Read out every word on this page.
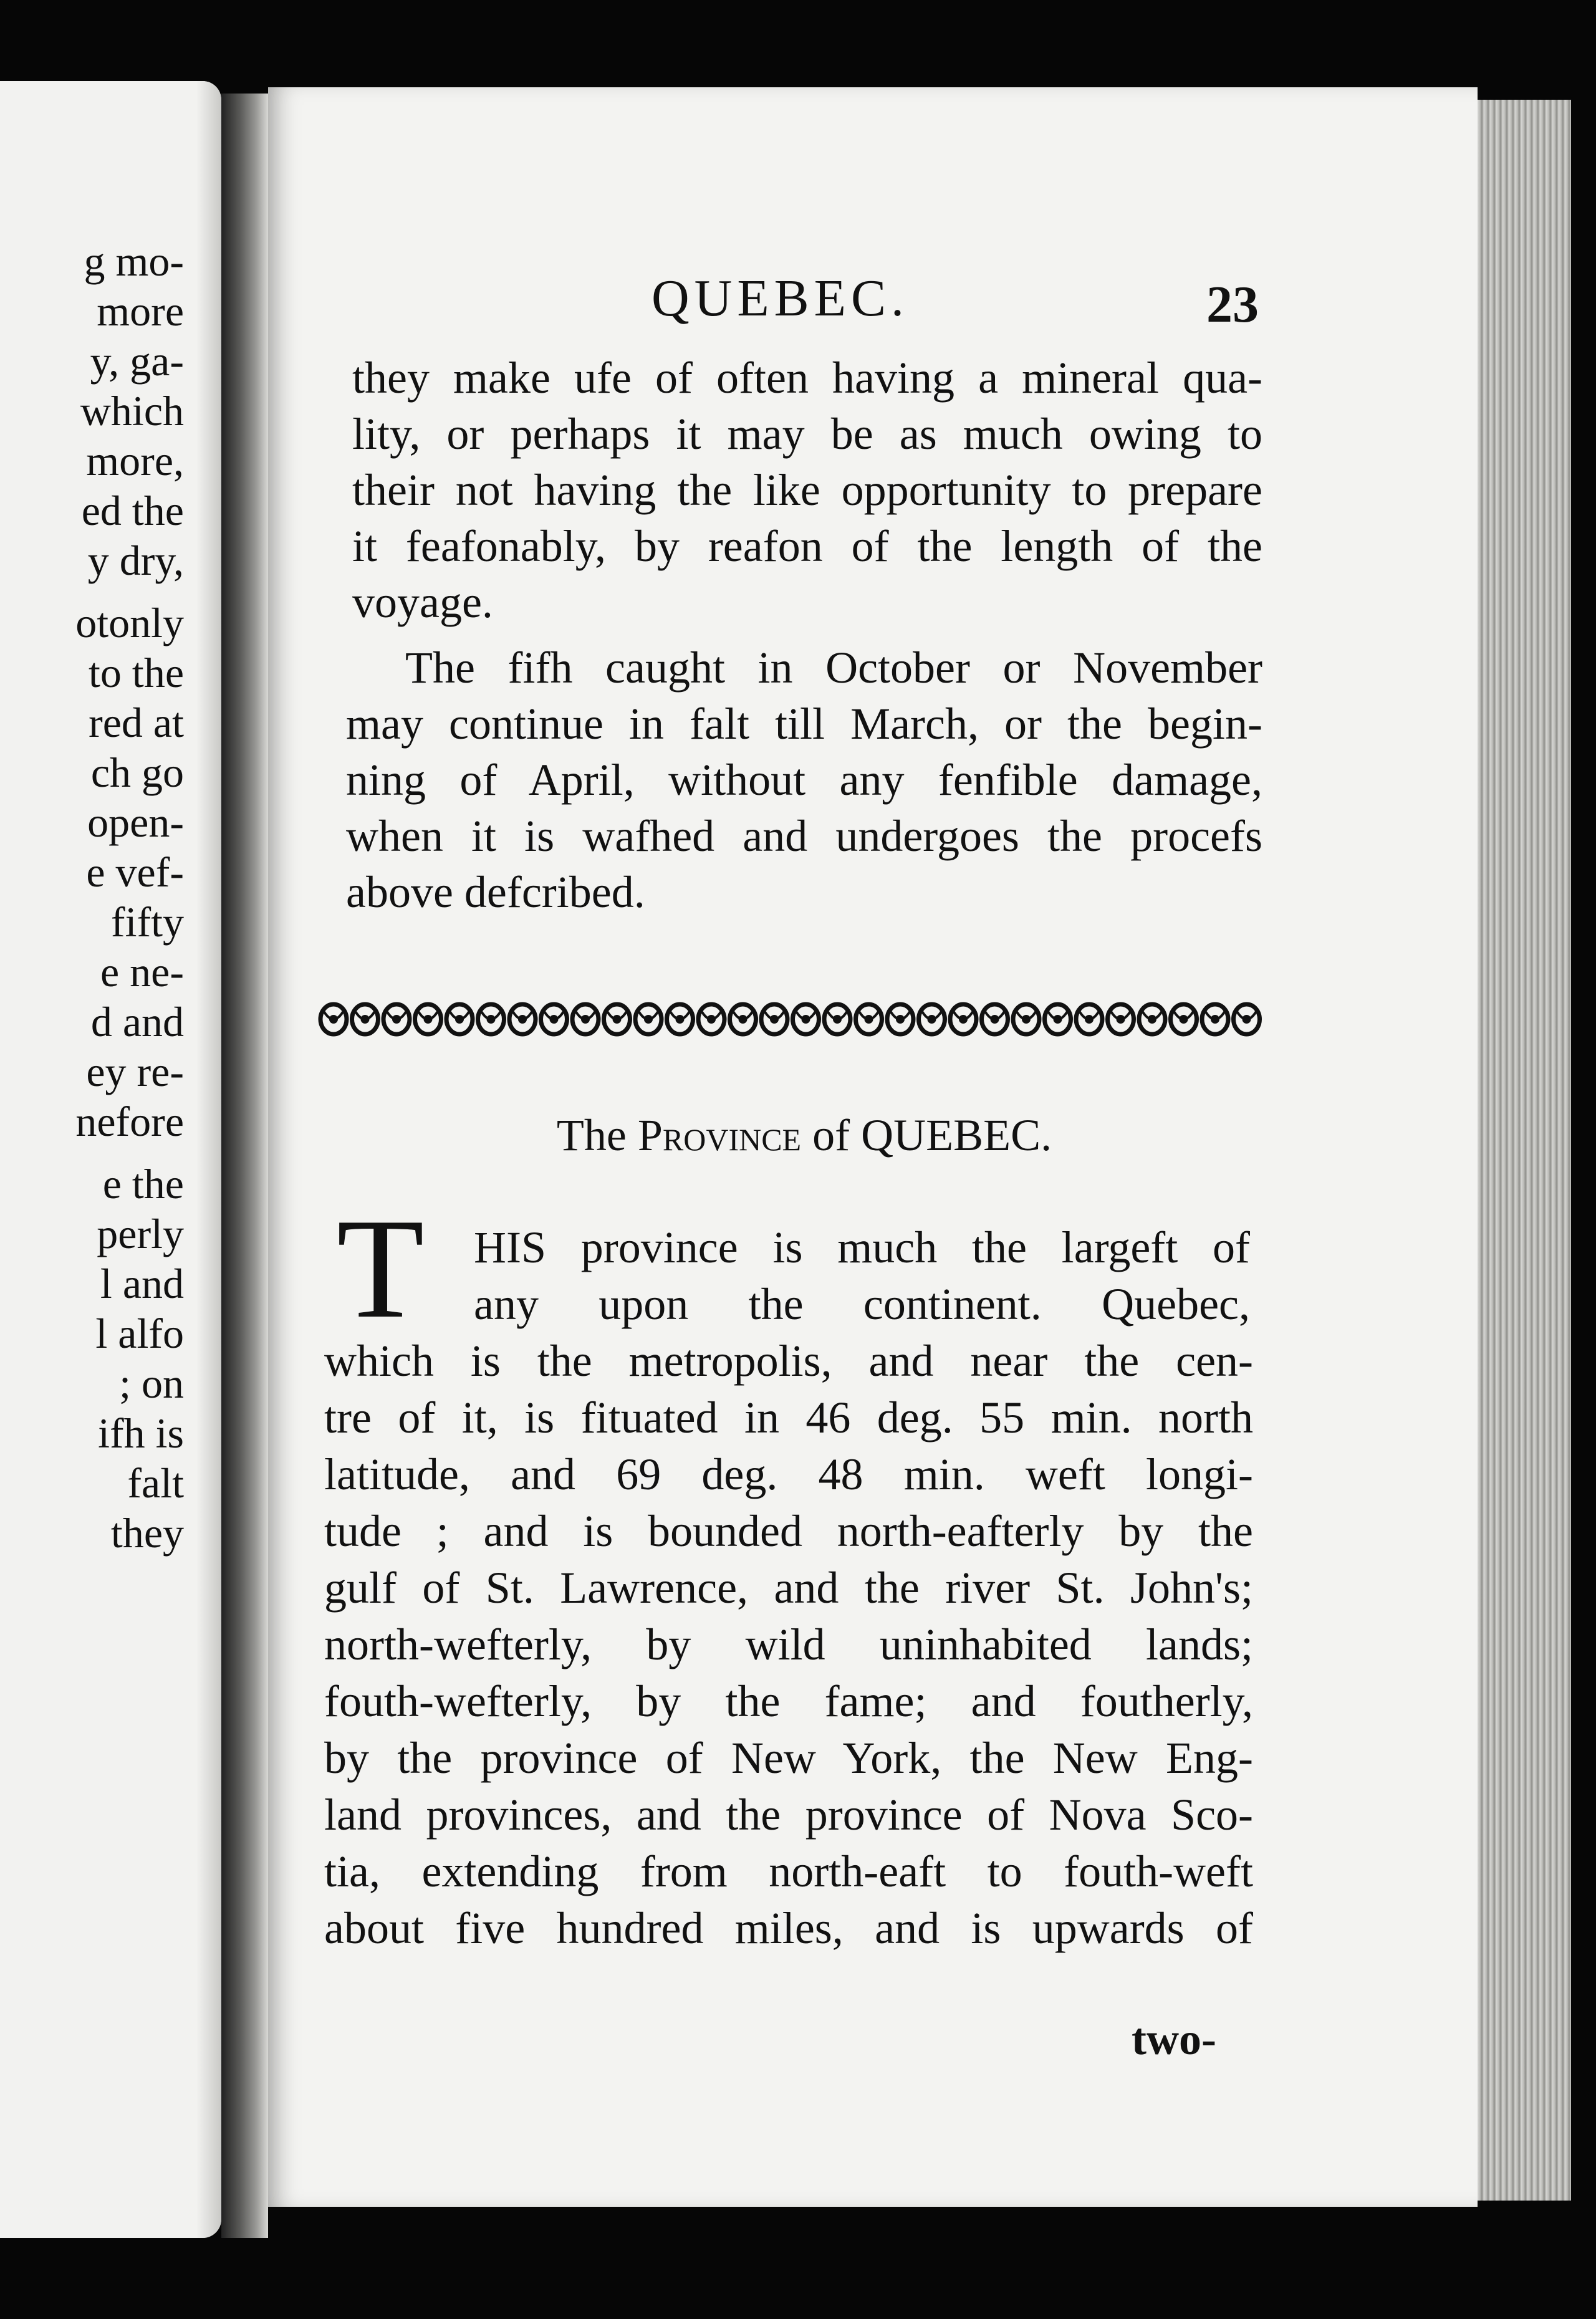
g mo-
more
y, ga-
which
more,
ed the
y dry,
otonly
to the
red at
ch go
open-
e vef-
fifty
e ne-
d and
ey re-
nefore
e the
perly
l and
l alfo
; on
ifh is
falt
they
QUEBEC.	23
they make ufe of often having a mineral qua-
lity, or perhaps it may be as much owing to
their not having the like opportunity to prepare
it feafonably, by reafon of the length of the
voyage.
The fifh caught in October or November
may continue in falt till March, or the begin-
ning of April, without any fenfible damage,
when it is wafhed and undergoes the procefs
above defcribed.
The Province of QUEBEC.
T HIS province is much the largeft of
any upon the continent. Quebec,
which is the metropolis, and near the cen-
tre of it, is fituated in 46 deg. 55 min. north
latitude, and 69 deg. 48 min. weft longi-
tude ; and is bounded north-eafterly by the
gulf of St. Lawrence, and the river St. John's;
north-wefterly, by wild uninhabited lands;
fouth-wefterly, by the fame; and foutherly,
by the province of New York, the New Eng-
land provinces, and the province of Nova Sco-
tia, extending from north-eaft to fouth-weft
about five hundred miles, and is upwards of
two-
